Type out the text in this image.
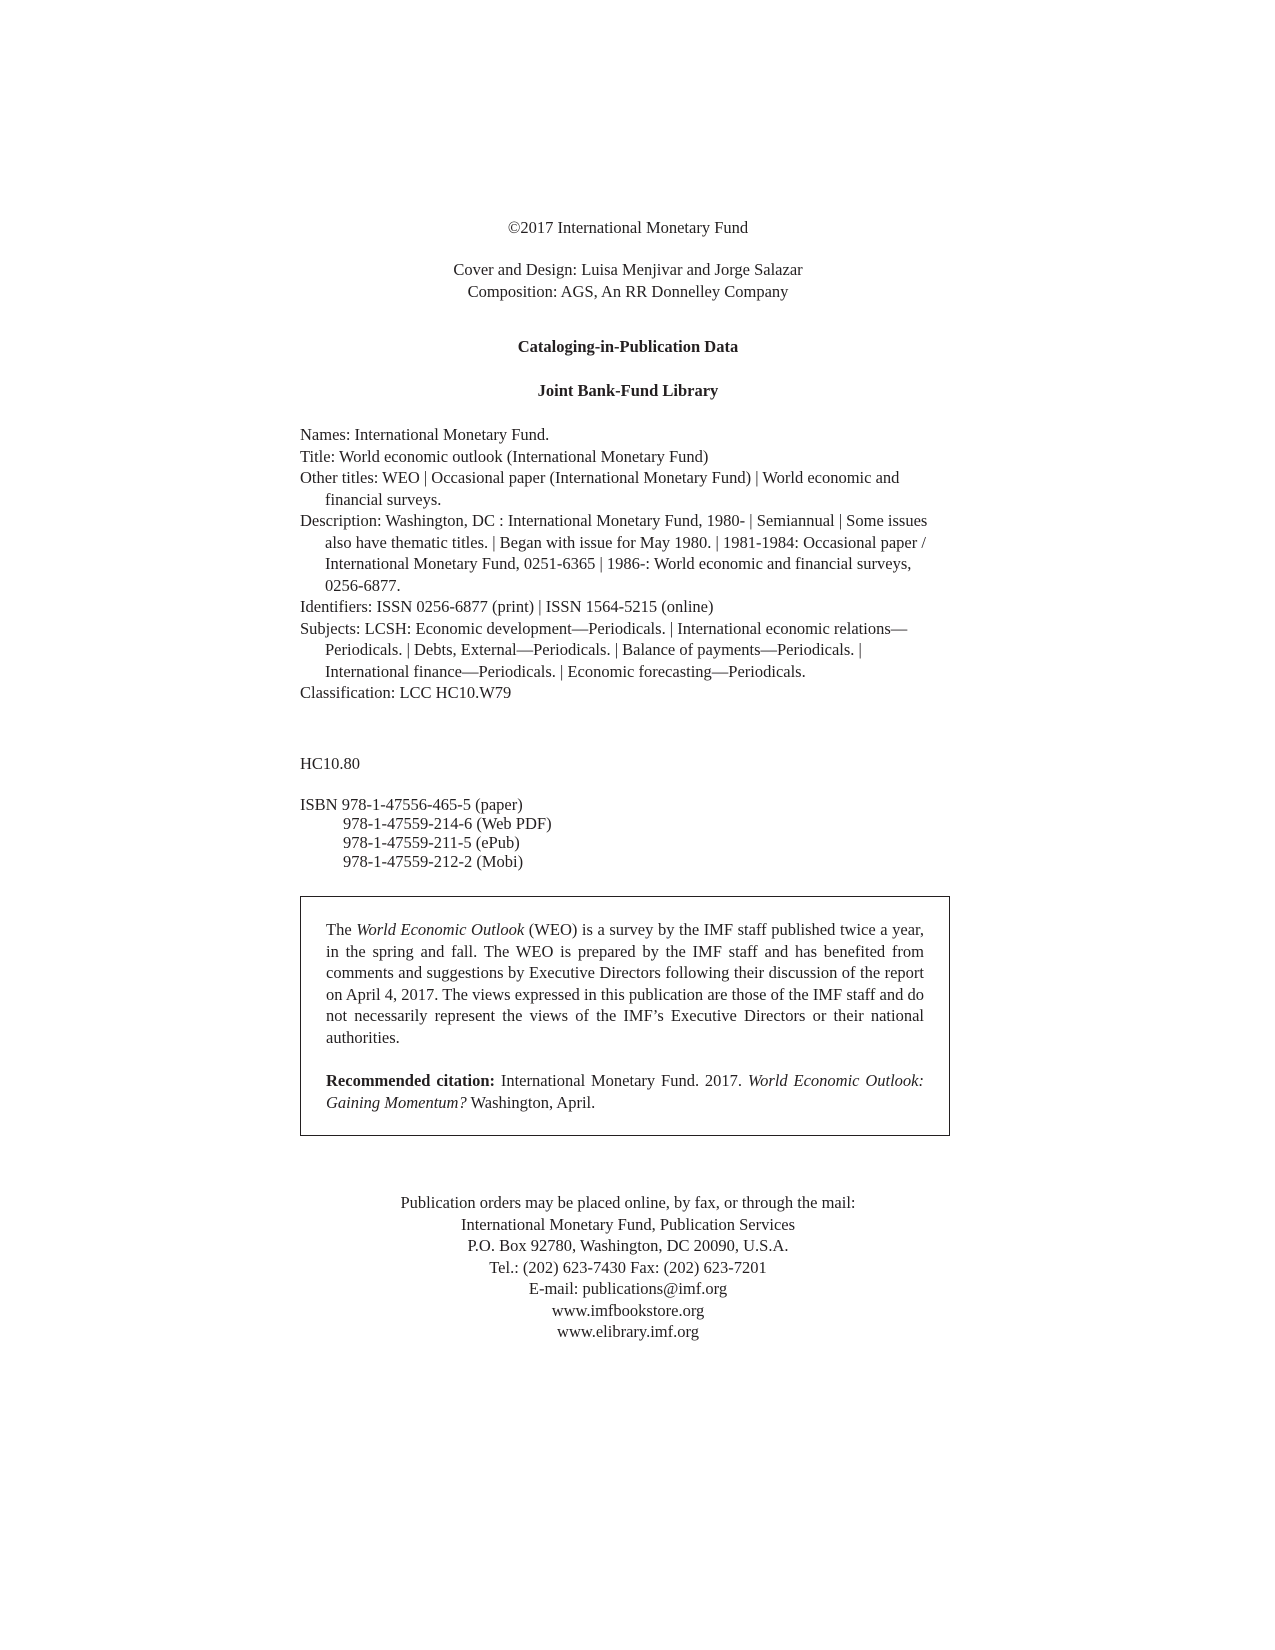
©2017 International Monetary Fund
Cover and Design: Luisa Menjivar and Jorge Salazar
Composition: AGS, An RR Donnelley Company
Cataloging-in-Publication Data
Joint Bank-Fund Library
Names: International Monetary Fund.
Title: World economic outlook (International Monetary Fund)
Other titles: WEO | Occasional paper (International Monetary Fund) | World economic and financial surveys.
Description: Washington, DC : International Monetary Fund, 1980- | Semiannual | Some issues also have thematic titles. | Began with issue for May 1980. | 1981-1984: Occasional paper / International Monetary Fund, 0251-6365 | 1986-: World economic and financial surveys, 0256-6877.
Identifiers: ISSN 0256-6877 (print) | ISSN 1564-5215 (online)
Subjects: LCSH: Economic development—Periodicals. | International economic relations—Periodicals. | Debts, External—Periodicals. | Balance of payments—Periodicals. | International finance—Periodicals. | Economic forecasting—Periodicals.
Classification: LCC HC10.W79
HC10.80
ISBN 978-1-47556-465-5 (paper)
978-1-47559-214-6 (Web PDF)
978-1-47559-211-5 (ePub)
978-1-47559-212-2 (Mobi)

The World Economic Outlook (WEO) is a survey by the IMF staff published twice a year, in the spring and fall. The WEO is prepared by the IMF staff and has benefited from comments and suggestions by Executive Directors following their discussion of the report on April 4, 2017. The views expressed in this publication are those of the IMF staff and do not necessarily represent the views of the IMF’s Executive Directors or their national authorities.

Recommended citation: International Monetary Fund. 2017. World Economic Outlook: Gaining Momentum? Washington, April.

Publication orders may be placed online, by fax, or through the mail:
International Monetary Fund, Publication Services
P.O. Box 92780, Washington, DC 20090, U.S.A.
Tel.: (202) 623-7430 Fax: (202) 623-7201
E-mail: publications@imf.org
www.imfbookstore.org
www.elibrary.imf.org
